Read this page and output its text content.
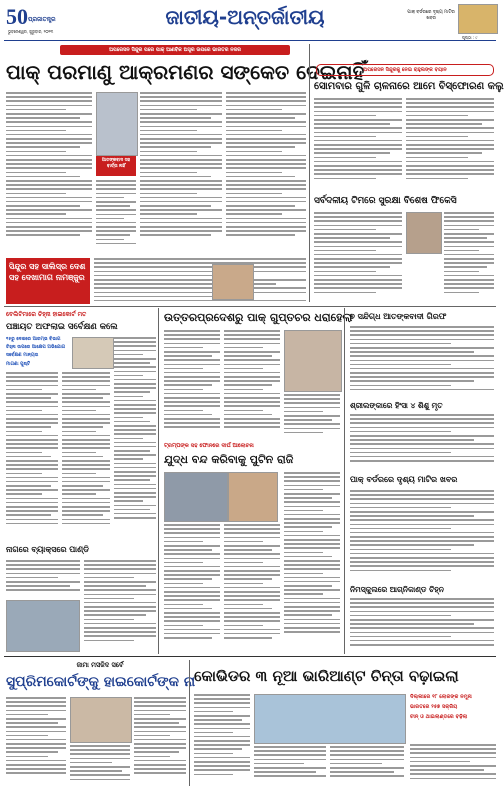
50 ପ୍ରଜାତନ୍ତ୍ର
ଭୁବନେଶ୍ୱର, ଗୁରୁବାର, ୨୦୨୩
ଜାତୀୟ-ଅନ୍ତର୍ଜାତୀୟ	ପାକ୍ ବର୍ଡରରେ ଦୃଶ୍ୟ ମାଟିର ଖବର
ପୃଷ୍ଠା : ୯
ଅପରେସନ ସିନ୍ଦୁର ପରେ ପାକ୍ ଆଣବିକ ଅସ୍ତ୍ର ଉପରେ ଭାରତର ନଜର
ପାକ୍ ପରମାଣୁ ଆକ୍ରମଣର ସଙ୍କେତ ଦେଇନାହିଁ
ଆତଙ୍କବାଦ ସହ ବାର୍ତ୍ତା ନାହିଁ
ସିନ୍ଦୁର ସହ ସାଲିସ୍‌ର ଦେଶ ସହ ଦେଖାମାଗ ନାମଞ୍ଜୁର
ଅପରେସନ ସିନ୍ଦୁରକୁ ନେଇ ରାହୁଲଙ୍କ ବୟାନ
ସୋମବାର ଗୁଳି ଚାଳନାରେ ଆମେ ବିସ୍ଫୋରଣ କଲୁ
ସର୍ବଦଳୀୟ ଟିମରେ ସୁରକ୍ଷା ବିଶେଷ ଫିକେସି
ବେଲିଟିମାରେ ଚିହ୍ନା ହାଇକୋର୍ଟ ମତ
ପଞ୍ଚାୟତ ଅଫଲାଇ ସର୍ବେକ୍ଷଣ କଲେ
୧୫ରୁ ଦେଶରେ ଆରମ୍ଭ ବିଭାଗ
ଚିହ୍ନା ଉପରେ ଆକ୍ଷେପ ଅଭିଯୋଗ
ସର୍ବେକ୍ଷଣ ମାନ୍ୟତା
ମାଗଣା ପୁଷ୍ଟି
ନାଗରେ ବ୍ୟାକ୍‌ସରେ ପାଣ୍ଡି
ଉତ୍ତରପ୍ରଦେଶରୁ ପାକ୍ ଗୁପ୍ତଚର ଧରାହେଲା
ଟ୍ରମ୍ପଙ୍କ ସହ ଫୋନରେ ଦୀର୍ଘ ଆଲୋଚନା
ଯୁଦ୍ଧ ବନ୍ଦ କରିବାକୁ ପୁଟିନ ରାଜି
୭ ସନ୍ଦିଗ୍ଧ ଆତଙ୍କବାଦୀ ଗିରଫ
ଶ୍ରୀଲଙ୍କାରେ ହିଂସା ୪ ଶିଶୁ ମୃତ
ପାକ୍ ବର୍ଡରରେ ଦୃଶ୍ୟ ମାଟିର ଖବର
ନିମସ୍କୁଲରେ ଆଗ୍ନିକାଣ୍ଡ ଚିହ୍ନ
ଜାମା ମସଜିଦ ସର୍ବେ
ସୁପ୍ରିମକୋର୍ଟଙ୍କୁ ହାଇକୋର୍ଟଙ୍କ ନା
କୋଭିଡର ୩ ନୂଆ ଭାରିଆଣ୍ଟ ଚିନ୍ତା ବଢ଼ାଇଲା
ଦିଲ୍ଲୀରେ ୧୮ ଲୋକଙ୍କ ନମୁନା
ଭାରତରେ ୨୫୭ ସକ୍ରିୟ
ଚୀନ୍ ଓ ଥାଇଲାଣ୍ଡରେ ବଢ଼ିଲା
